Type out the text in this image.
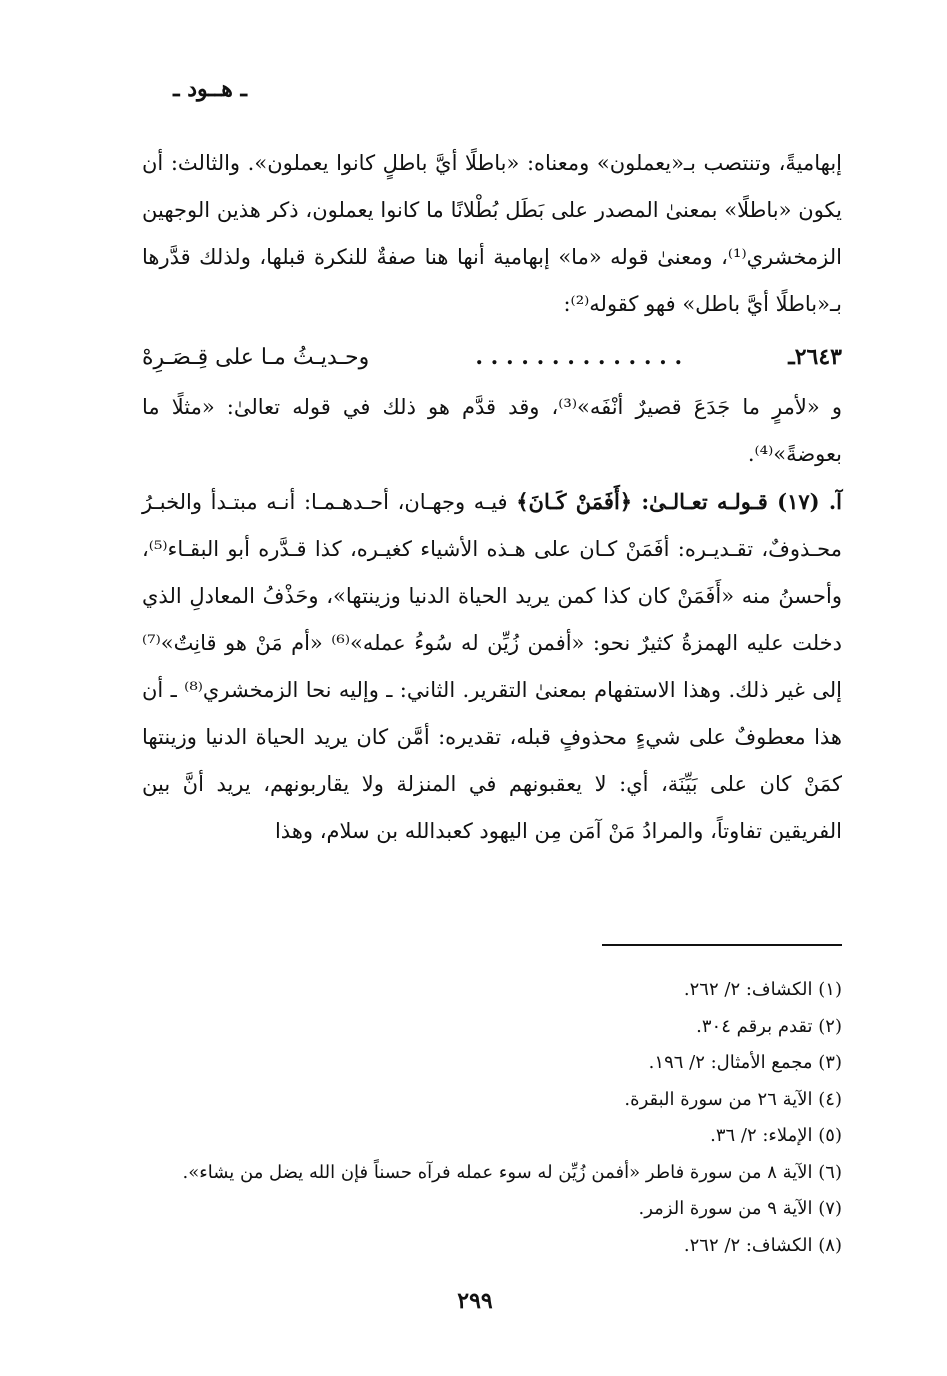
ـ هــود ـ

إبهاميةً، وتنتصب بـ«يعملون» ومعناه: «باطلًا أيَّ باطلٍ كانوا يعملون». والثالث: أن يكون «باطلًا» بمعنىٰ المصدر على بَطَل بُطْلانًا ما كانوا يعملون، ذكر هذين الوجهين الزمخشري⁽¹⁾، ومعنىٰ قوله «ما» إبهامية أنها هنا صفةٌ للنكرة قبلها، ولذلك قدَّرها بـ«باطلًا أيَّ باطل» فهو كقوله⁽²⁾:

٢٦٤٣ـ
. . . . . . . . . . . . . .
وحـديـثُ مـا على قِـصَـرِهْ

و «لأمرٍ ما جَدَعَ قصيرٌ أنْفَه»⁽³⁾، وقد قدَّم هو ذلك في قوله تعالىٰ: «مثلًا ما بعوضةً»⁽⁴⁾.

آ. (١٧) قـولـه تعـالـىٰ: ﴿أَفَمَنْ كَـانَ﴾ فيـه وجهـان، أحـدهـمـا: أنـه مبتـدأ والخبـرُ محـذوفٌ، تقـديـره: أفَمَنْ كـان على هـذه الأشياء كغيـره، كذا قـدَّره أبو البقـاء⁽⁵⁾، وأحسنُ منه «أَفَمَنْ كان كذا كمن يريد الحياة الدنيا وزينتها»، وحَذْفُ المعادلِ الذي دخلت عليه الهمزةُ كثيرٌ نحو: «أفمن زُيِّن له سُوءُ عمله»⁽⁶⁾ «أم مَنْ هو قانِتٌ»⁽⁷⁾ إلى غير ذلك. وهذا الاستفهام بمعنىٰ التقرير. الثاني: ـ وإليه نحا الزمخشري⁽⁸⁾ ـ أن هذا معطوفٌ على شيءٍ محذوفٍ قبله، تقديره: أمَّن كان يريد الحياة الدنيا وزينتها كمَنْ كان على بَيِّنَة، أي: لا يعقبونهم في المنزلة ولا يقاربونهم، يريد أنَّ بين الفريقين تفاوتاً، والمرادُ مَنْ آمَن مِن اليهود كعبدالله بن سلام، وهذا

(١) الكشاف: ٢/ ٢٦٢.

(٢) تقدم برقم ٣٠٤.

(٣) مجمع الأمثال: ٢/ ١٩٦.

(٤) الآية ٢٦ من سورة البقرة.

(٥) الإملاء: ٢/ ٣٦.

(٦) الآية ٨ من سورة فاطر «أفمن زُيِّن له سوء عمله فرآه حسناً فإن الله يضل من يشاء».

(٧) الآية ٩ من سورة الزمر.

(٨) الكشاف: ٢/ ٢٦٢.

٢٩٩
